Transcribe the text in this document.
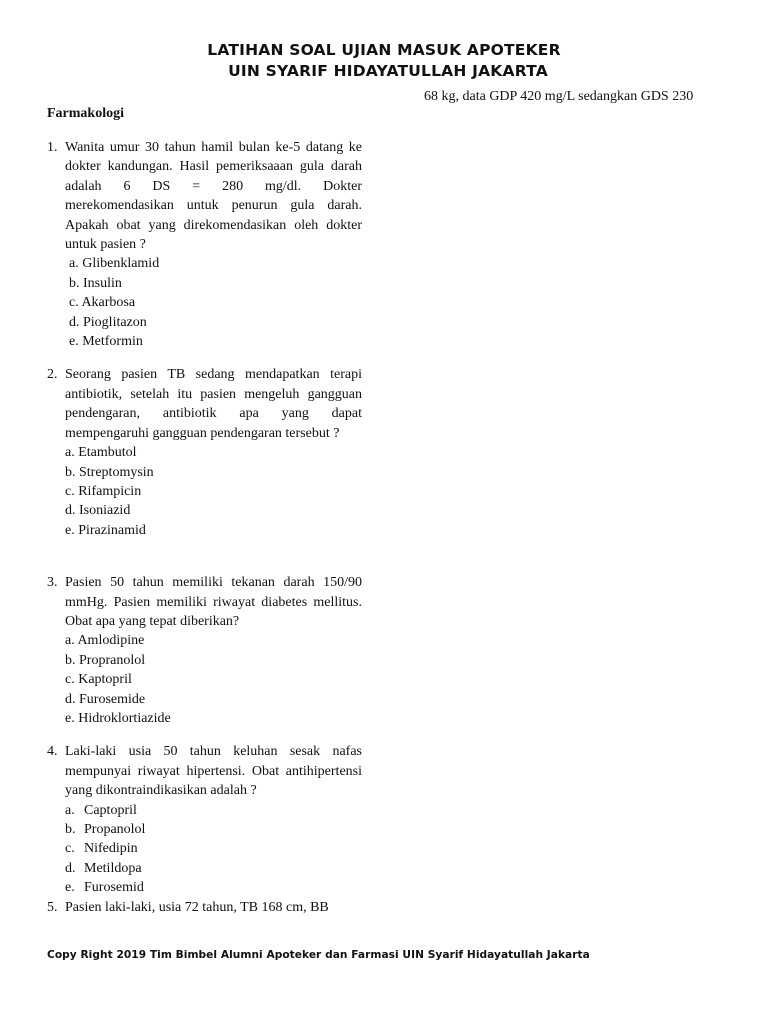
LATIHAN SOAL UJIAN MASUK APOTEKER
UIN SYARIF HIDAYATULLAH JAKARTA
68 kg, data GDP 420 mg/L sedangkan GDS 230
Farmakologi
1. Wanita umur 30 tahun hamil bulan ke-5 datang ke dokter kandungan. Hasil pemeriksaaan gula darah adalah 6 DS = 280 mg/dl. Dokter merekomendasikan untuk penurun gula darah. Apakah obat yang direkomendasikan oleh dokter untuk pasien ?
a. Glibenklamid
b. Insulin
c. Akarbosa
d. Pioglitazon
e. Metformin
2. Seorang pasien TB sedang mendapatkan terapi antibiotik, setelah itu pasien mengeluh gangguan pendengaran, antibiotik apa yang dapat mempengaruhi gangguan pendengaran tersebut ?
a. Etambutol
b. Streptomysin
c. Rifampicin
d. Isoniazid
e. Pirazinamid
3. Pasien 50 tahun memiliki tekanan darah 150/90 mmHg. Pasien memiliki riwayat diabetes mellitus. Obat apa yang tepat diberikan?
a. Amlodipine
b. Propranolol
c. Kaptopril
d. Furosemide
e. Hidroklortiazide
4. Laki-laki usia 50 tahun keluhan sesak nafas mempunyai riwayat hipertensi. Obat antihipertensi yang dikontraindikasikan adalah ?
a. Captopril
b. Propanolol
c. Nifedipin
d. Metildopa
e. Furosemid
5. Pasien laki-laki, usia 72 tahun, TB 168 cm, BB
Copy Right 2019 Tim Bimbel Alumni Apoteker dan Farmasi UIN Syarif Hidayatullah Jakarta
